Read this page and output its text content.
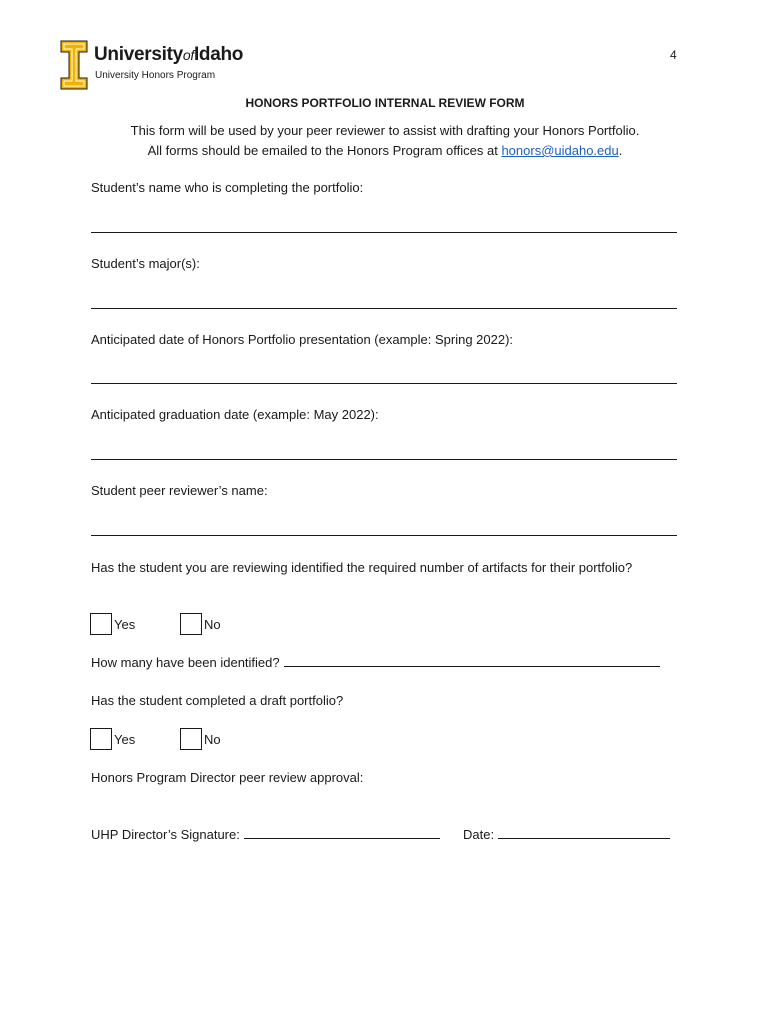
UniversityofIdaho
University Honors Program
4
HONORS PORTFOLIO INTERNAL REVIEW FORM
This form will be used by your peer reviewer to assist with drafting your Honors Portfolio.
All forms should be emailed to the Honors Program offices at honors@uidaho.edu.
Student’s name who is completing the portfolio:
Student’s major(s):
Anticipated date of Honors Portfolio presentation (example: Spring 2022):
Anticipated graduation date (example: May 2022):
Student peer reviewer’s name:
Has the student you are reviewing identified the required number of artifacts for their portfolio?
Yes	No
How many have been identified?
Has the student completed a draft portfolio?
Yes	No
Honors Program Director peer review approval:
UHP Director’s Signature:	Date:
